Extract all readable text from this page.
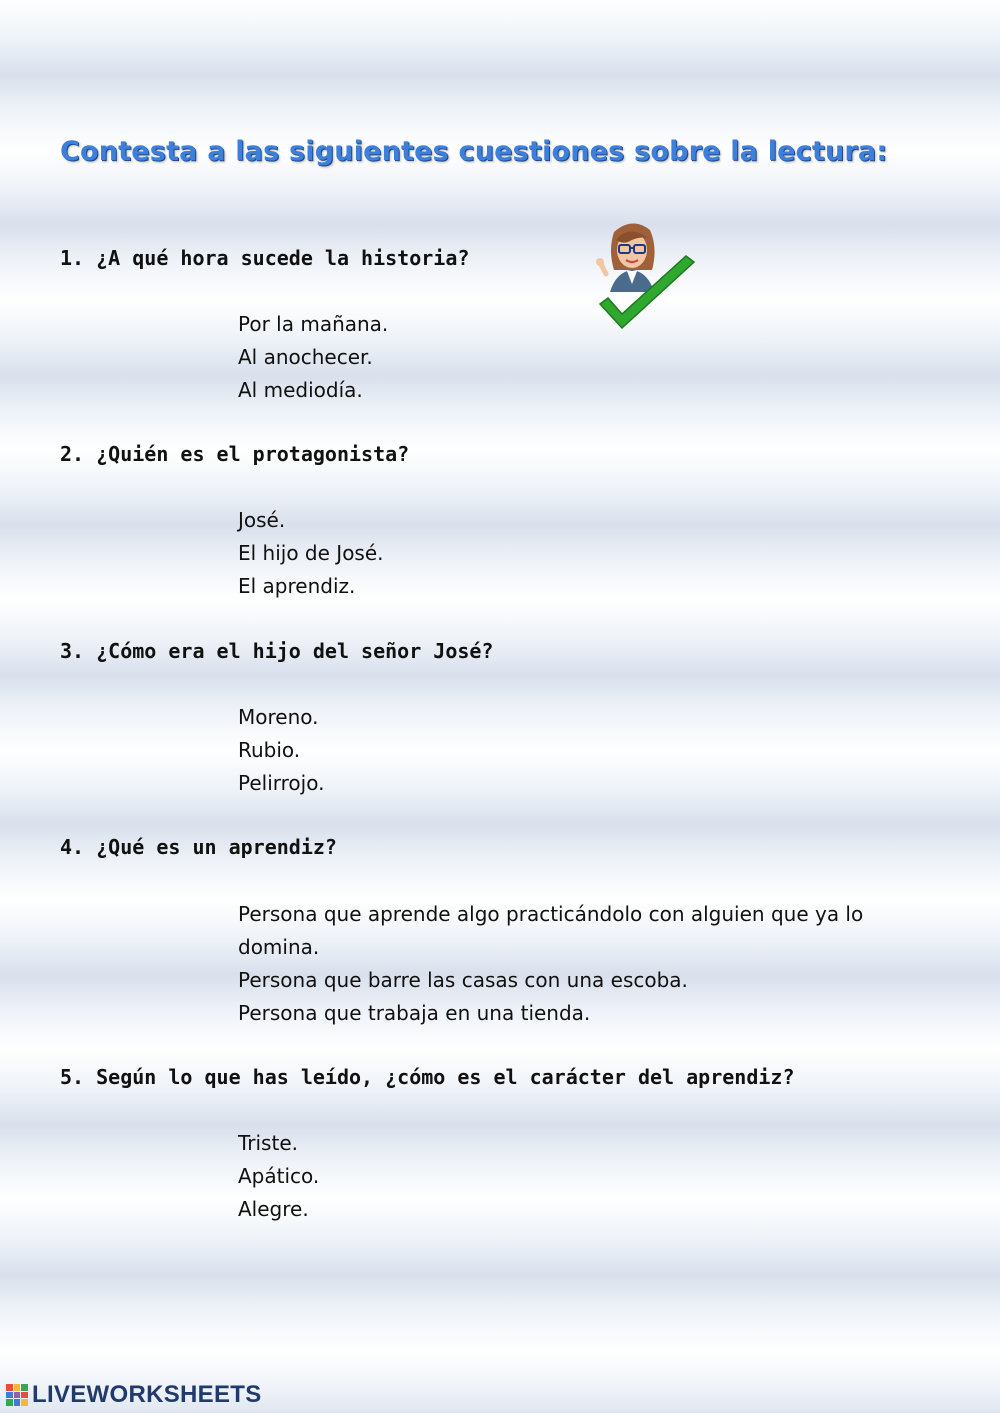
Contesta a las siguientes cuestiones sobre la lectura:

1. ¿A qué hora sucede la historia?

Por la mañana.
Al anochecer.
Al mediodía.

2. ¿Quién es el protagonista?

José.
El hijo de José.
El aprendiz.

3. ¿Cómo era el hijo del señor José?

Moreno.
Rubio.
Pelirrojo.

4. ¿Qué es un aprendiz?

Persona que aprende algo practicándolo con alguien que ya lo domina.
Persona que barre las casas con una escoba.
Persona que trabaja en una tienda.

5. Según lo que has leído, ¿cómo es el carácter del aprendiz?

Triste.
Apático.
Alegre.
LIVEWORKSHEETS
